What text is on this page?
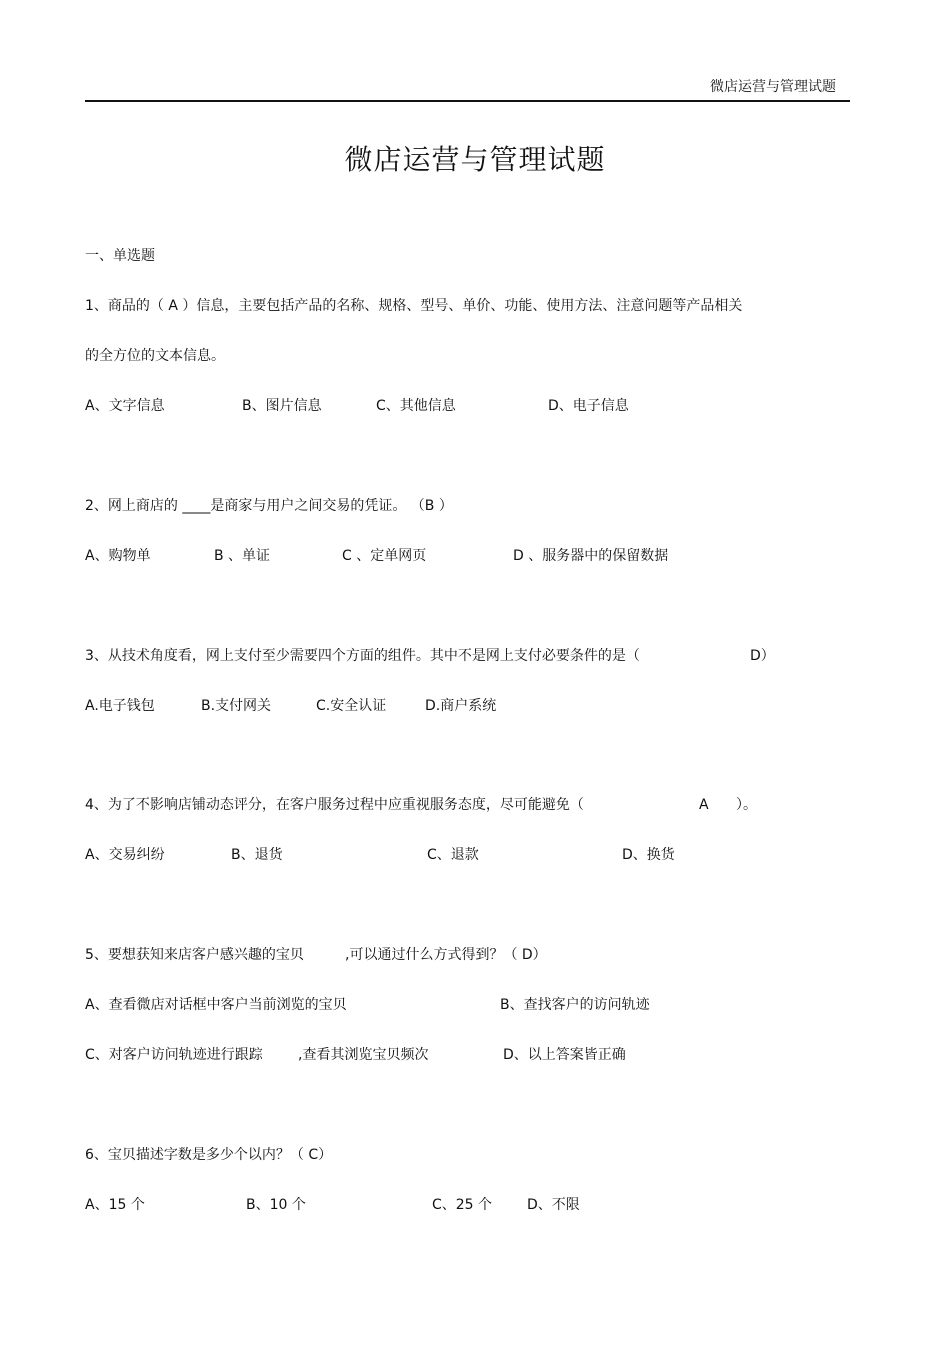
微店运营与管理试题
微店运营与管理试题
一、单选题
1、商品的（ A ）信息，主要包括产品的名称、规格、型号、单价、功能、使用方法、注意问题等产品相关
的全方位的文本信息。
A、文字信息	B、图片信息	C、其他信息	D、电子信息
2、网上商店的 ____是商家与用户之间交易的凭证。 （B ）
A、购物单	B 、单证	C 、定单网页	D 、服务器中的保留数据
3、从技术角度看，网上支付至少需要四个方面的组件。其中不是网上支付必要条件的是（	D）
A.电子钱包	B.支付网关	C.安全认证	D.商户系统
4、为了不影响店铺动态评分，在客户服务过程中应重视服务态度，尽可能避免（	A ）。
A、交易纠纷	B、退货	C、退款	D、换货
5、要想获知来店客户感兴趣的宝贝	,可以通过什么方式得到？（ D）
A、查看微店对话框中客户当前浏览的宝贝	B、查找客户的访问轨迹
C、对客户访问轨迹进行跟踪	,查看其浏览宝贝频次	D、以上答案皆正确
6、宝贝描述字数是多少个以内？（ C）
A、15 个	B、10 个	C、25 个 D、不限
